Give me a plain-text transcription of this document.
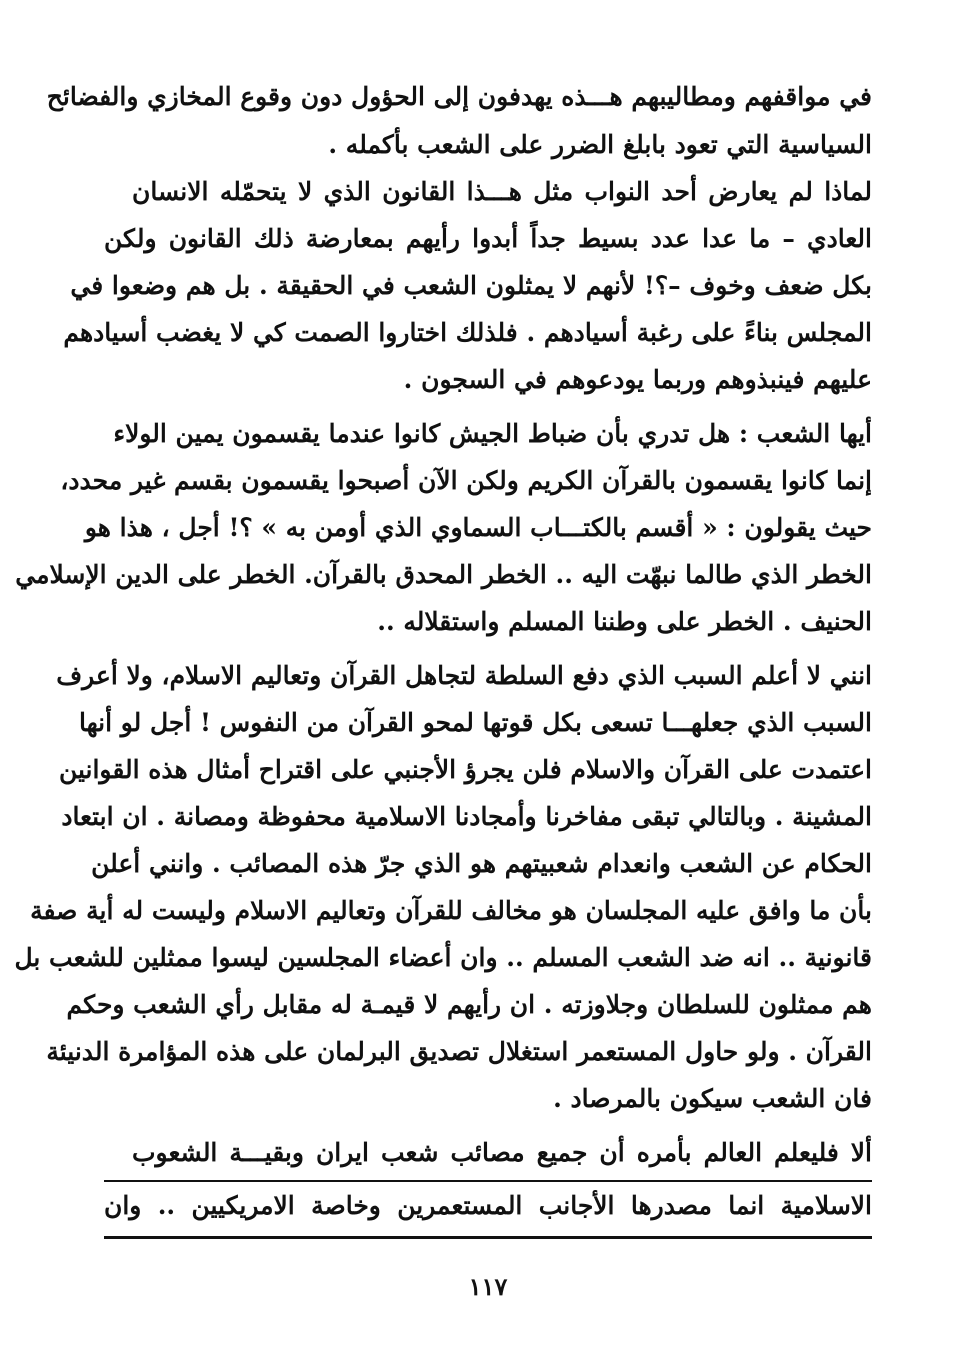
في مواقفهم ومطاليبهم هـــذه يهدفون إلى الحؤول دون وقوع المخازي والفضائح
السياسية التي تعود بابلغ الضرر على الشعب بأكمله .
لماذا لم يعارض أحد النواب مثل هـــذا القانون الذي لا يتحمّله الانسان
العادي – ما عدا عدد بسيط جداً أبدوا رأيهم بمعارضة ذلك القانون ولكن
بكل ضعف وخوف –؟! لأنهم لا يمثلون الشعب في الحقيقة . بل هم وضعوا في
المجلس بناءً على رغبة أسيادهم . فلذلك اختاروا الصمت كي لا يغضب أسيادهم
عليهم فينبذوهم وربما يودعوهم في السجون .
أيها الشعب : هل تدري بأن ضباط الجيش كانوا عندما يقسمون يمين الولاء
إنما كانوا يقسمون بالقرآن الكريم ولكن الآن أصبحوا يقسمون بقسم غير محدد،
حيث يقولون : « أقسم بالكتـــاب السماوي الذي أومن به » ؟! أجل ، هذا هو
الخطر الذي طالما نبهّت اليه .. الخطر المحدق بالقرآن. الخطر على الدين الإسلامي
الحنيف . الخطر على وطننا المسلم واستقلاله ..
انني لا أعلم السبب الذي دفع السلطة لتجاهل القرآن وتعاليم الاسلام، ولا أعرف
السبب الذي جعلهـــا تسعى بكل قوتها لمحو القرآن من النفوس ! أجل لو أنها
اعتمدت على القرآن والاسلام فلن يجرؤ الأجنبي على اقتراح أمثال هذه القوانين
المشينة . وبالتالي تبقى مفاخرنا وأمجادنا الاسلامية محفوظة ومصانة . ان ابتعاد
الحكام عن الشعب وانعدام شعبيتهم هو الذي جرّ هذه المصائب . وانني أعلن
بأن ما وافق عليه المجلسان هو مخالف للقرآن وتعاليم الاسلام وليست له أية صفة
قانونية .. انه ضد الشعب المسلم .. وان أعضاء المجلسين ليسوا ممثلين للشعب بل
هم ممثلون للسلطان وجلاوزته . ان رأيهم لا قيمـة له مقابل رأي الشعب وحكم
القرآن . ولو حاول المستعمر استغلال تصديق البرلمان على هذه المؤامرة الدنيئة
فان الشعب سيكون بالمرصاد .
ألا فليعلم العالم بأمره أن جميع مصائب شعب ايران وبقيـــة الشعوب
الاسلامية انما مصدرها الأجانب المستعمرين وخاصة الامريكيين .. وان
١١٧
